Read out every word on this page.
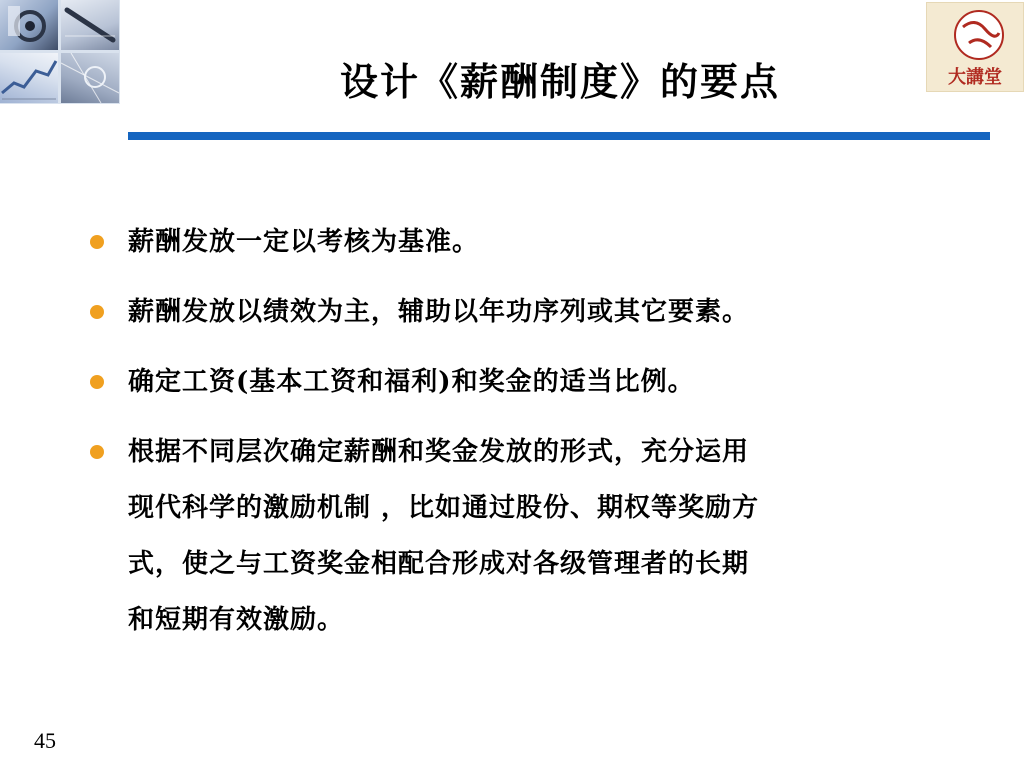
大講堂
设计《薪酬制度》的要点
薪酬发放一定以考核为基准。
薪酬发放以绩效为主，辅助以年功序列或其它要素。
确定工资(基本工资和福利)和奖金的适当比例。
根据不同层次确定薪酬和奖金发放的形式，充分运用
现代科学的激励机制 ，比如通过股份、期权等奖励方
式，使之与工资奖金相配合形成对各级管理者的长期
和短期有效激励。
45
